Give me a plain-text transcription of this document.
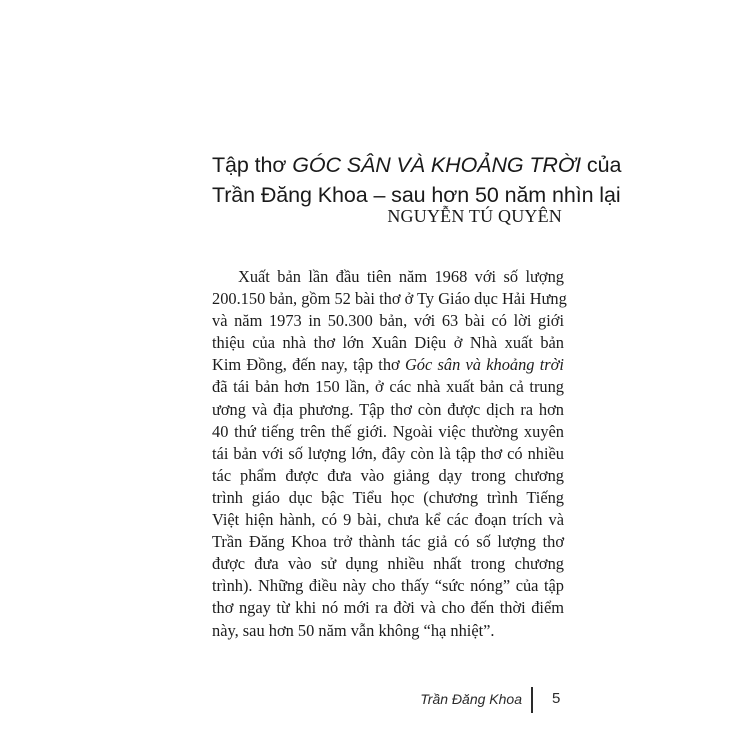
Tập thơ GÓC SÂN VÀ KHOẢNG TRỜI của
Trần Đăng Khoa – sau hơn 50 năm nhìn lại
NGUYỄN TÚ QUYÊN
Xuất bản lần đầu tiên năm 1968 với số lượng
200.150 bản, gồm 52 bài thơ ở Ty Giáo dục Hải Hưng
và năm 1973 in 50.300 bản, với 63 bài có lời giới
thiệu của nhà thơ lớn Xuân Diệu ở Nhà xuất bản
Kim Đồng, đến nay, tập thơ Góc sân và khoảng trời
đã tái bản hơn 150 lần, ở các nhà xuất bản cả trung
ương và địa phương. Tập thơ còn được dịch ra hơn
40 thứ tiếng trên thế giới. Ngoài việc thường xuyên
tái bản với số lượng lớn, đây còn là tập thơ có nhiều
tác phẩm được đưa vào giảng dạy trong chương
trình giáo dục bậc Tiểu học (chương trình Tiếng
Việt hiện hành, có 9 bài, chưa kể các đoạn trích và
Trần Đăng Khoa trở thành tác giả có số lượng thơ
được đưa vào sử dụng nhiều nhất trong chương
trình). Những điều này cho thấy “sức nóng” của tập
thơ ngay từ khi nó mới ra đời và cho đến thời điểm
này, sau hơn 50 năm vẫn không “hạ nhiệt”.
Trần Đăng Khoa 5
